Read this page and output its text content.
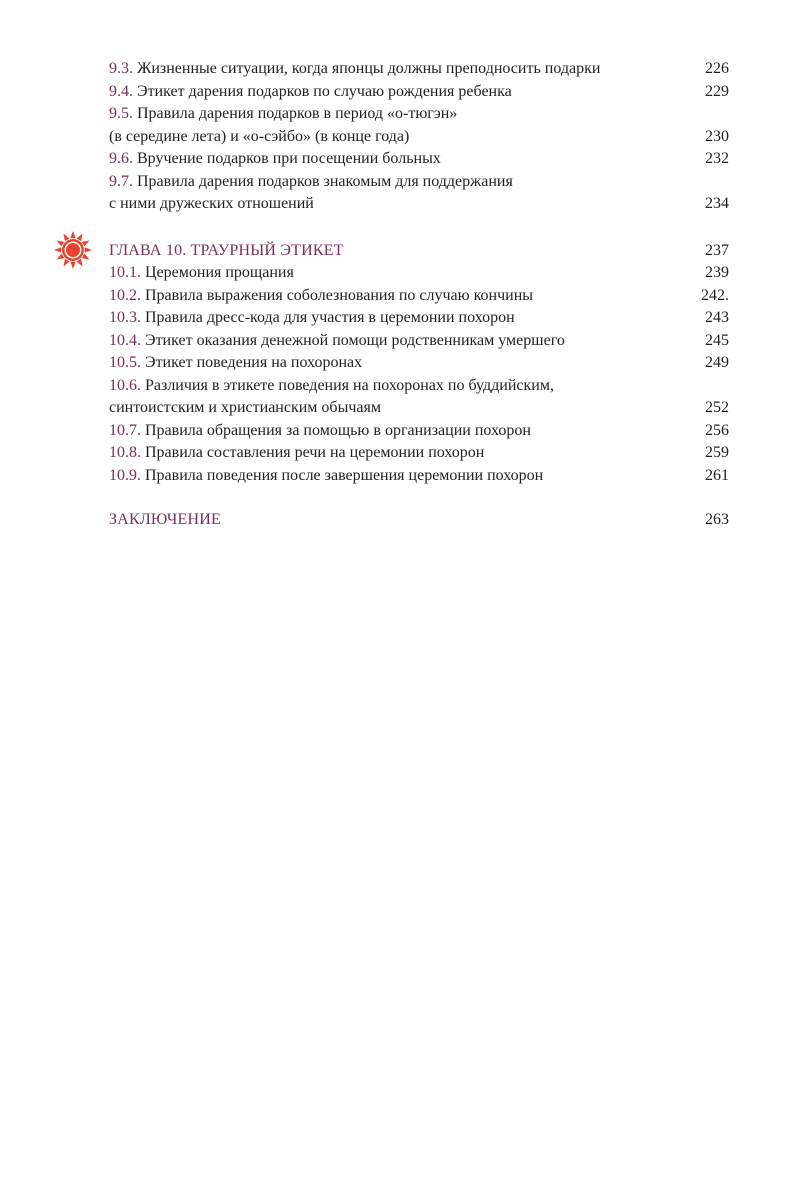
9.3. Жизненные ситуации, когда японцы должны преподносить подарки	226
9.4. Этикет дарения подарков по случаю рождения ребенка	229
9.5. Правила дарения подарков в период «о-тюгэн»
(в середине лета) и «о-сэйбо» (в конце года)	230
9.6. Вручение подарков при посещении больных	232
9.7. Правила дарения подарков знакомым для поддержания
с ними дружеских отношений	234
ГЛАВА 10. ТРАУРНЫЙ ЭТИКЕТ	237
10.1. Церемония прощания	239
10.2. Правила выражения соболезнования по случаю кончины	242.
10.3. Правила дресс-кода для участия в церемонии похорон	243
10.4. Этикет оказания денежной помощи родственникам умершего	245
10.5. Этикет поведения на похоронах	249
10.6. Различия в этикете поведения на похоронах по буддийским,
синтоистским и христианским обычаям	252
10.7. Правила обращения за помощью в организации похорон	256
10.8. Правила составления речи на церемонии похорон	259
10.9. Правила поведения после завершения церемонии похорон	261
ЗАКЛЮЧЕНИЕ	263
